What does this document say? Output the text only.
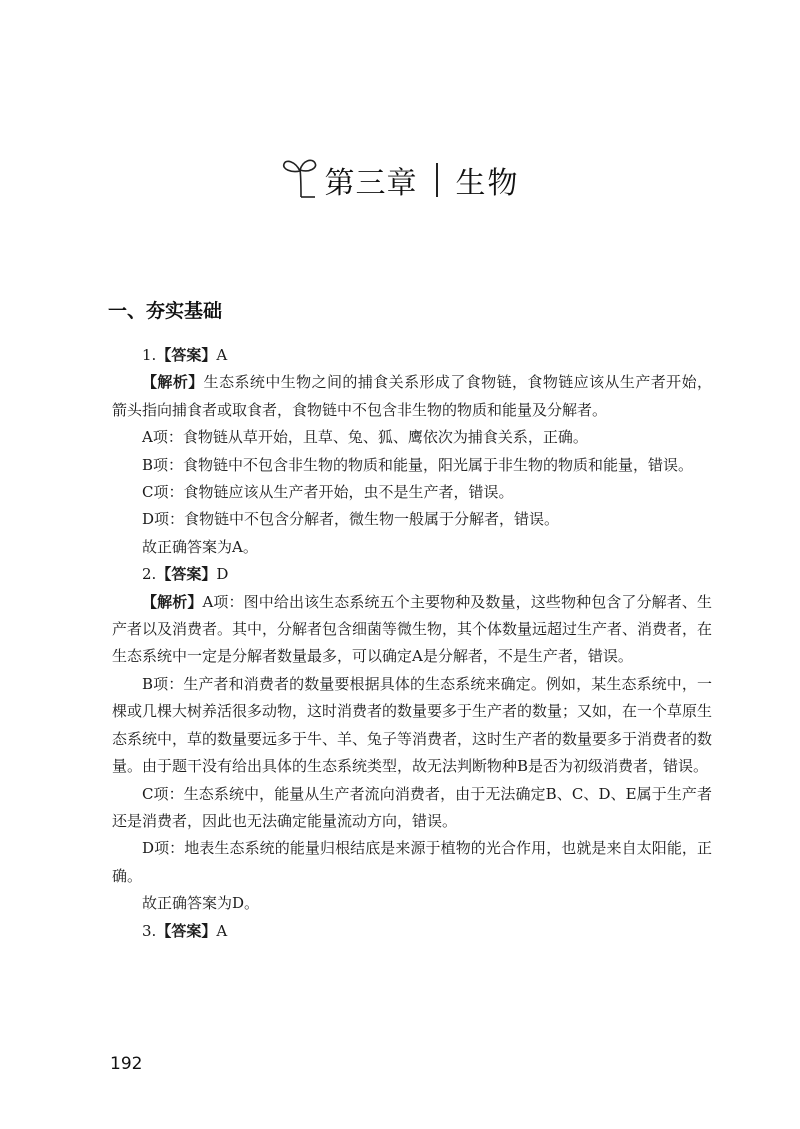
第三章 生物
一、夯实基础

1.【答案】A

【解析】生态系统中生物之间的捕食关系形成了食物链，食物链应该从生产者开始，箭头指向捕食者或取食者，食物链中不包含非生物的物质和能量及分解者。

A项：食物链从草开始，且草、兔、狐、鹰依次为捕食关系，正确。

B项：食物链中不包含非生物的物质和能量，阳光属于非生物的物质和能量，错误。

C项：食物链应该从生产者开始，虫不是生产者，错误。

D项：食物链中不包含分解者，微生物一般属于分解者，错误。

故正确答案为A。

2.【答案】D

【解析】A项：图中给出该生态系统五个主要物种及数量，这些物种包含了分解者、生产者以及消费者。其中，分解者包含细菌等微生物，其个体数量远超过生产者、消费者，在生态系统中一定是分解者数量最多，可以确定A是分解者，不是生产者，错误。

B项：生产者和消费者的数量要根据具体的生态系统来确定。例如，某生态系统中，一棵或几棵大树养活很多动物，这时消费者的数量要多于生产者的数量；又如，在一个草原生态系统中，草的数量要远多于牛、羊、兔子等消费者，这时生产者的数量要多于消费者的数量。由于题干没有给出具体的生态系统类型，故无法判断物种B是否为初级消费者，错误。

C项：生态系统中，能量从生产者流向消费者，由于无法确定B、C、D、E属于生产者还是消费者，因此也无法确定能量流动方向，错误。

D项：地表生态系统的能量归根结底是来源于植物的光合作用，也就是来自太阳能，正确。

故正确答案为D。

3.【答案】A

192
